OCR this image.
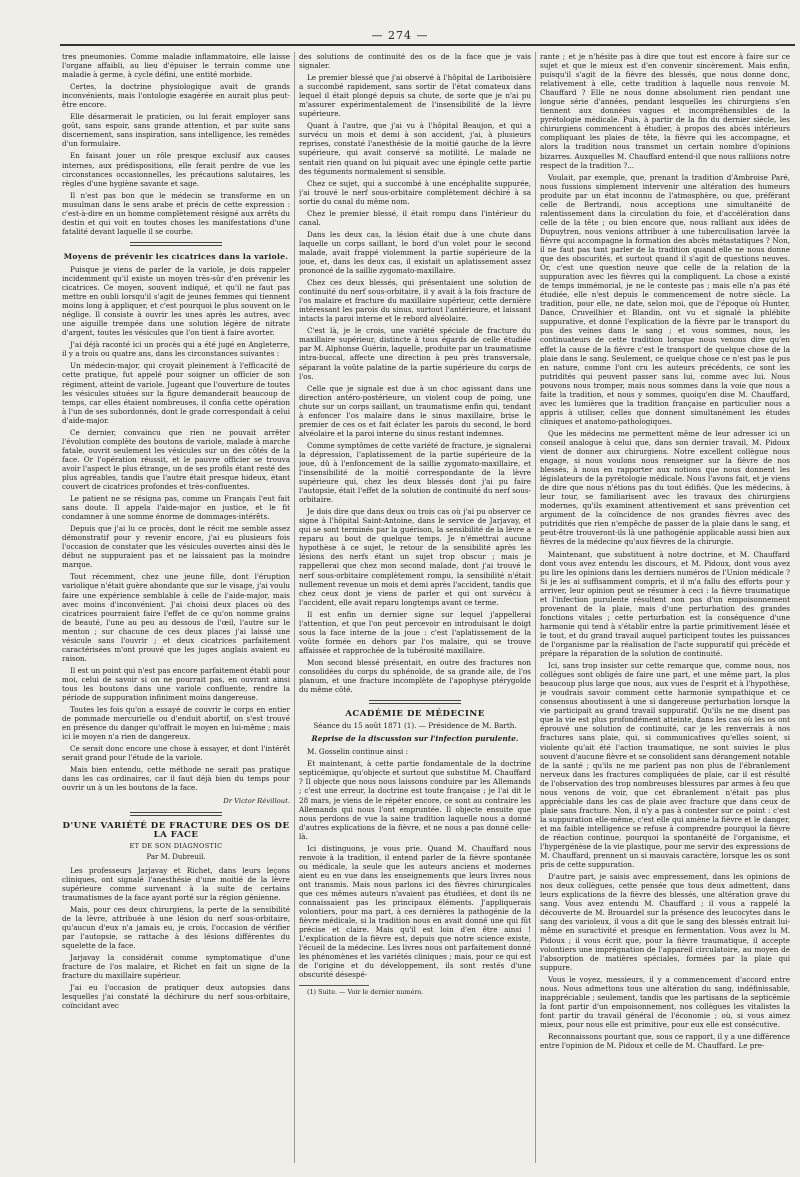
— 274 —

tres pneumonies. Comme maladie inflammatoire, elle laisse l'organe affaibli, au lieu d'épuiser le terrain comme une maladie à germe, à cycle défini, une entité morbide.

Certes, la doctrine physiologique avait de grands inconvénients, mais l'ontologie exagérée en aurait plus peut-être encore.

Elle désarmerait le praticien, ou lui ferait employer sans goût, sans espoir, sans grande attention, et par suite sans discernement, sans inspiration, sans intelligence, les remèdes d'un formulaire.

En faisant jouer un rôle presque exclusif aux causes internes, aux prédispositions, elle ferait perdre de vue les circonstances occasionnelles, les précautions salutaires, les règles d'une hygiène savante et sage.

Il n'est pas bon que le médecin se transforme en un musulman dans le sens arabe et précis de cette expression : c'est-à-dire en un homme complètement résigné aux arrêts du destin et qui voit en toutes choses les manifestations d'une fatalité devant laquelle il se courbe.

Moyens de prévenir les cicatrices dans la variole.

Puisque je viens de parler de la variole, je dois rappeler incidemment qu'il existe un moyen très-sûr d'en prévenir les cicatrices. Ce moyen, souvent indiqué, et qu'il ne faut pas mettre en oubli lorsqu'il s'agit de jeunes femmes qui tiennent moins long à appliquer, et c'est pourquoi le plus souvent on le néglige. Il consiste à ouvrir les unes après les autres, avec une aiguille trempée dans une solution légère de nitrate d'argent, toutes les vésicules que l'on tient à faire avorter.

J'ai déjà raconté ici un procès qui a été jugé en Angleterre, il y a trois ou quatre ans, dans les circonstances suivantes :

Un médecin-major, qui croyait pleinement à l'efficacité de cette pratique, fut appelé pour soigner un officier de son régiment, atteint de variole. Jugeant que l'ouverture de toutes les vésicules situées sur la figure demanderait beaucoup de temps, car elles étaient nombreuses, il confia cette opération à l'un de ses subordonnés, dont le grade correspondait à celui d'aide-major.

Ce dernier, convaincu que rien ne pouvait arrêter l'évolution complète des boutons de variole, malade à marche fatale, ouvrit seulement les vésicules sur un des côtés de la face. Or l'opération réussit, et le pauvre officier se trouva avoir l'aspect le plus étrange, un de ses profils étant resté des plus agréables, tandis que l'autre était presque hideux, étant couvert de cicatrices profondes et très-confluentes.

Le patient ne se résigna pas, comme un Français l'eut fait sans doute. Il appela l'aide-major en justice, et le fit condamner à une somme énorme de dommages-intérêts.

Depuis que j'ai lu ce procès, dont le récit me semble assez démonstratif pour y revenir encore, j'ai eu plusieurs fois l'occasion de constater que les vésicules ouvertes ainsi dès le début ne suppuraient pas et ne laissaient pas la moindre marque.

Tout récemment, chez une jeune fille, dont l'éruption variolique n'était guère abondante que sur le visage, j'ai voulu faire une expérience semblable à celle de l'aide-major, mais avec moins d'inconvénient. J'ai choisi deux places où des cicatrices pourraient faire l'effet de ce qu'on nomme grains de beauté, l'une au peu au dessous de l'œil, l'autre sur le menton ; sur chacune de ces deux places j'ai laissé une vésicule sans l'ouvrir ; et deux cicatrices parfaitement caractérisées m'ont prouvé que les juges anglais avaient eu raison.

Il est un point qui n'est pas encore parfaitement établi pour moi, celui de savoir si on ne pourrait pas, en ouvrant ainsi tous les boutons dans une variole confluente, rendre la période de suppuration infiniment moins dangereuse.

Toutes les fois qu'on a essayé de couvrir le corps en entier de pommade mercurielle ou d'enduit abortif, on s'est trouvé en présence du danger qu'offrait le moyen en lui-même ; mais ici le moyen n'a rien de dangereux.

Ce serait donc encore une chose à essayer, et dont l'intérêt serait grand pour l'étude de la variole.

Mais bien entendu, cette méthode ne serait pas pratique dans les cas ordinaires, car il faut déjà bien du temps pour ouvrir un à un les boutons de la face.

Dr Victor Révillout.
D'UNE VARIÉTÉ DE FRACTURE DES OS DE LA FACE
ET DE SON DIAGNOSTIC
Par M. Dubreuil.

Les professeurs Jarjavay et Richet, dans leurs leçons cliniques, ont signalé l'anesthésie d'une moitié de la lèvre supérieure comme survenant à la suite de certains traumatismes de la face ayant porté sur la région génienne.

Mais, pour ces deux chirurgiens, la perte de la sensibilité de la lèvre, attribuée à une lésion du nerf sous-orbitaire, qu'aucun d'eux n'a jamais eu, je crois, l'occasion de vérifier par l'autopsie, se rattache à des lésions différentes du squelette de la face.

Jarjavay la considérait comme symptomatique d'une fracture de l'os malaire, et Richet en fait un signe de la fracture du maxillaire supérieur.

J'ai eu l'occasion de pratiquer deux autopsies dans lesquelles j'ai constaté la déchirure du nerf sous-orbitaire, coïncidant avec

des solutions de continuité des os de la face que je vais signaler.

Le premier blessé que j'ai observé à l'hôpital de Lariboisière a succombé rapidement, sans sortir de l'état comateux dans lequel il était plongé depuis sa chute, de sorte que je n'ai pu m'assurer expérimentalement de l'insensibilité de la lèvre supérieure.

Quant à l'autre, que j'ai vu à l'hôpital Beaujon, et qui a survécu un mois et demi à son accident, j'ai, à plusieurs reprises, constaté l'anesthésie de la moitié gauche de la lèvre supérieure, qui avait conservé sa motilité. Le malade ne sentait rien quand on lui piquait avec une épingle cette partie des téguments normalement si sensible.

Chez ce sujet, qui a succombé à une encéphalite suppurée, j'ai trouvé le nerf sous-orbitaire complètement déchiré à sa sortie du canal du même nom.

Chez le premier blessé, il était rompu dans l'intérieur du canal.

Dans les deux cas, la lésion était due à une chute dans laquelle un corps saillant, le bord d'un volet pour le second malade, avait frappé violemment la partie supérieure de la joue, et, dans les deux cas, il existait un aplatissement assez prononcé de la saillie zygomato-maxillaire.

Chez ces deux blessés, qui présentaient une solution de continuité du nerf sous-orbitaire, il y avait à la fois fracture de l'os malaire et fracture du maxillaire supérieur, cette dernière intéressant les parois du sinus, surtout l'antérieure, et laissant intacts la paroi interne et le rebord alvéolaire.

C'est là, je le crois, une variété spéciale de fracture du maxillaire supérieur, distincte à tous égards de celle étudiée par M. Alphonse Guérin, laquelle, produite par un traumatisme intra-buccal, affecte une direction à peu près transversale, séparant la voûte palatine de la partie supérieure du corps de l'os.

Celle que je signale est due à un choc agissant dans une direction antéro-postérieure, un violent coup de poing, une chute sur un corps saillant, un traumatisme enfin qui, tendant à enfoncer l'os malaire dans le sinus maxillaire, brise le premier de ces os et fait éclater les parois du second, le bord alvéolaire et la paroi interne du sinus restant indemnes.

Comme symptômes de cette variété de fracture, je signalerai la dépression, l'aplatissement de la partie supérieure de la joue, dû à l'enfoncement de la saillie zygomato-maxillaire, et l'insensibilité de la moitié correspondante de la lèvre supérieure qui, chez les deux blessés dont j'ai pu faire l'autopsie, était l'effet de la solution de continuité du nerf sous-orbitaire.

Je dois dire que dans deux ou trois cas où j'ai pu observer ce signe à l'hôpital Saint-Antoine, dans le service de Jarjavay, et qui se sont terminés par la guérison, la sensibilité de la lèvre a reparu au bout de quelque temps. Je n'émettrai aucune hypothèse à ce sujet, le retour de la sensibilité après les lésions des nerfs étant un sujet trop obscur ; mais je rappellerai que chez mon second malade, dont j'ai trouvé le nerf sous-orbitaire complètement rompu, la sensibilité n'était nullement revenue un mois et demi après l'accident, tandis que chez ceux dont je viens de parler et qui ont survécu à l'accident, elle avait reparu longtemps avant ce terme.

Il est enfin un dernier signe sur lequel j'appellerai l'attention, et que l'on peut percevoir en introduisant le doigt sous la face interne de la joue : c'est l'aplatissement de la voûte formée en dehors par l'os malaire, qui se trouve affaissée et rapprochée de la tubérosité maxillaire.

Mon second blessé présentait, en outre des fractures non consolidées du corps du sphénoïde, de sa grande aile, de l'os planum, et une fracture incomplète de l'apophyse ptérygoïde du même côté.

ACADÉMIE DE MÉDECINE
Séance du 15 août 1871 (1). — Présidence de M. Barth.
Reprise de la discussion sur l'infection purulente.

M. Gosselin continue ainsi :

Et maintenant, à cette partie fondamentale de la doctrine septicémique, qu'objecte et surtout que substitue M. Chauffard ? Il objecte que nous nous laissons conduire par les Allemands ; c'est une erreur, la doctrine est toute française ; je l'ai dit le 28 mars, je viens de le répéter encore, ce sont au contraire les Allemands qui nous l'ont empruntée. Il objecte ensuite que nous perdons de vue la saine tradition laquelle nous a donné d'autres explications de la fièvre, et ne nous a pas donné celle-là.

Ici distinguons, je vous prie. Quand M. Chauffard nous renvoie à la tradition, il entend parler de la fièvre spontanée ou médicale, la seule que les auteurs anciens et modernes aient eu en vue dans les enseignements que leurs livres nous ont transmis. Mais nous parlons ici des fièvres chirurgicales que ces mêmes auteurs n'avaient pas étudiées, et dont ils ne connaissaient pas les principaux éléments. J'appliquerais volontiers, pour ma part, à ces dernières la pathogénie de la fièvre médicale, si la tradition nous en avait donné une qui fût précise et claire. Mais qu'il est loin d'en être ainsi ! L'explication de la fièvre est, depuis que notre science existe, l'écueil de la médecine. Les livres nous ont parfaitement donné les phénomènes et les variétés cliniques ; mais, pour ce qui est de l'origine et du développement, ils sont restés d'une obscurité désespé-

(1) Suite. — Voir le dernier numéro.

rante ; et je n'hésite pas à dire que tout est encore à faire sur ce sujet et que le mieux est d'en convenir sincèrement. Mais enfin, puisqu'il s'agit de la fièvre des blessés, que nous donne donc, relativement à elle, cette tradition à laquelle nous renvoie M. Chauffard ? Elle ne nous donne absolument rien pendant une longue série d'années, pendant lesquelles les chirurgiens s'en tiennent aux données vagues et incompréhensibles de la pyrétologie médicale. Puis, à partir de la fin du dernier siècle, les chirurgiens commencent à étudier, à propos des abcès intérieurs compliquant les plaies de tête, la fièvre qui les accompagne, et alors la tradition nous transmet un certain nombre d'opinions bizarres. Auxquelles M. Chauffard entend-il que nous ralliions notre respect de la tradition ?...

Voulait, par exemple, que, prenant la tradition d'Ambroise Paré, nous fussions simplement intervenir une altération des humeurs produite par un état inconnu de l'atmosphère, ou que, préférant celle de Bertrandi, nous acceptions une simultanéité de ralentissement dans la circulation du foie, et d'accélération dans celle de la tête ; ou bien encore que, nous ralliant aux idées de Dupuytren, nous venions attribuer à une tuberculisation larvée la fièvre qui accompagne la formation des abcès métastatiques ? Non, il ne faut pas tant parler de la tradition quand elle ne nous donne que des obscurités, et surtout quand il s'agit de questions neuves. Or, c'est une question neuve que celle de la relation de la suppuration avec les fièvres qui la compliquent. La chose a existé de temps immémorial, je ne le conteste pas ; mais elle n'a pas été étudiée, elle n'est depuis le commencement de notre siècle. La tradition, pour elle, ne date, selon moi, que de l'époque où Hunter, Dance, Cruveilhier et Blandin, ont vu et signalé la phlébite suppurative, et donné l'explication de la fièvre par le transport du pus des veines dans le sang ; et vous sommes, nous, les continuateurs de cette tradition lorsque nous venons dire qu'en effet la cause de la fièvre c'est le transport de quelque chose de la plaie dans le sang. Seulement, ce quelque chose ce n'est pas le pus en nature, comme l'ont cru les auteurs précédents, ce sont les putridités qui peuvent passer sans lui, comme avec lui. Nous pouvons nous tromper, mais nous sommes dans la voie que nous a faite la tradition, et nous y sommes, quoiqu'en dise M. Chauffard, avec les lumières que la tradition française en particulier nous a appris à utiliser, celles que donnent simultanément les études cliniques et anatomo-pathologiques.

Que les médecins me permettent même de leur adresser ici un conseil analogue à celui que, dans son dernier travail, M. Pidoux vient de donner aux chirurgiens. Notre excellent collègue nous engage, si nous voulons nous renseigner sur la fièvre de nos blessés, à nous en rapporter aux notions que nous donnent les législateurs de la pyrétologie médicale. Nous l'avons fait, et je viens de dire que nous n'étions pas du tout édifiés. Que les médecins, à leur tour, se familiarisent avec les travaux des chirurgiens modernes, qu'ils examinent attentivement et sans prévention cet argument de la coïncidence de nos grandes fièvres avec des putridités que rien n'empêche de passer de la plaie dans le sang, et peut-être trouveront-ils là une pathogénie applicable aussi bien aux fièvres de la médecine qu'aux fièvres de la chirurgie.

Maintenant, que substituent à notre doctrine, et M. Chauffard dont vous avez entendu les discours, et M. Pidoux, dont vous avez pu lire les opinions dans les derniers numéros de l'Union médicale ? Si je les ai suffisamment compris, et il m'a fallu des efforts pour y arriver, leur opinion peut se résumer à ceci : la fièvre traumatique et l'infection purulente résultent non pas d'un empoisonnement provenant de la plaie, mais d'une perturbation des grandes fonctions vitales ; cette perturbation est la conséquence d'une harmonie qui tend à s'établir entre la partie primitivement lésée et le tout, et du grand travail auquel participent toutes les puissances de l'organisme par la réalisation de l'acte suppuratif qui précède et prépare la réparation de la solution de continuité.

Ici, sans trop insister sur cette remarque que, comme nous, nos collègues sont obligés de faire une part, et une même part, la plus beaucoup plus large que nous, aux vues de l'esprit et à l'hypothèse, je voudrais savoir comment cette harmonie sympathique et ce consensus aboutissent à une si dangereuse perturbation lorsque la vie participait au grand travail suppuratif. Qu'ils ne me disent pas que la vie est plus profondément atteinte, dans les cas où les os ont éprouvé une solution de continuité, car je les renverrais à nos fractures sans plaie, qui, si communicatives qu'elles soient, si violente qu'ait été l'action traumatique, ne sont suivies le plus souvent d'aucune fièvre et se consolident sans dérangement notable de la santé ; qu'ils ne me parlent pas non plus de l'ébranlement nerveux dans les fractures compliquées de plaie, car il est résulté de l'observation des trop nombreuses blessures par armes à feu que nous venons de voir, que cet ébranlement n'était pas plus appréciable dans les cas de plaie avec fracture que dans ceux de plaie sans fracture. Non, il n'y a pas à contester sur ce point : c'est la suppuration elle-même, c'est elle qui amène la fièvre et le danger, et ma faible intelligence se refuse à comprendre pourquoi la fièvre de réaction continue, pourquoi la spontanéité de l'organisme, et l'hypergénèse de la vie plastique, pour me servir des expressions de M. Chauffard, prennent un si mauvais caractère, lorsque les os sont pris de cette suppuration.

D'autre part, je saisis avec empressement, dans les opinions de nos deux collègues, cette pensée que tous deux admettent, dans leurs explications de la fièvre des blessés, une altération grave du sang. Vous avez entendu M. Chauffard ; il vous a rappelé la découverte de M. Brouardel sur la présence des leucocytes dans le sang des varioleux, il vous a dit que le sang des blessés entrait lui-même en suractivité et presque en fermentation. Vous avez lu M. Pidoux ; il vous écrit que, pour la fièvre traumatique, il accepte volontiers une imprégnation de l'appareil circulatoire, au moyen de l'absorption de matières spéciales, formées par la plaie qui suppure.

Vous le voyez, messieurs, il y a commencement d'accord entre nous. Nous admettons tous une altération du sang, indéfinissable, inappréciable ; seulement, tandis que les partisans de la septicémie la font partir d'un empoisonnement, nos collègues les vitalistes la font partir du travail général de l'économie ; où, si vous aimez mieux, pour nous elle est primitive, pour eux elle est consécutive.

Reconnaissons pourtant que, sous ce rapport, il y a une différence entre l'opinion de M. Pidoux et celle de M. Chauffard. Le pre-
